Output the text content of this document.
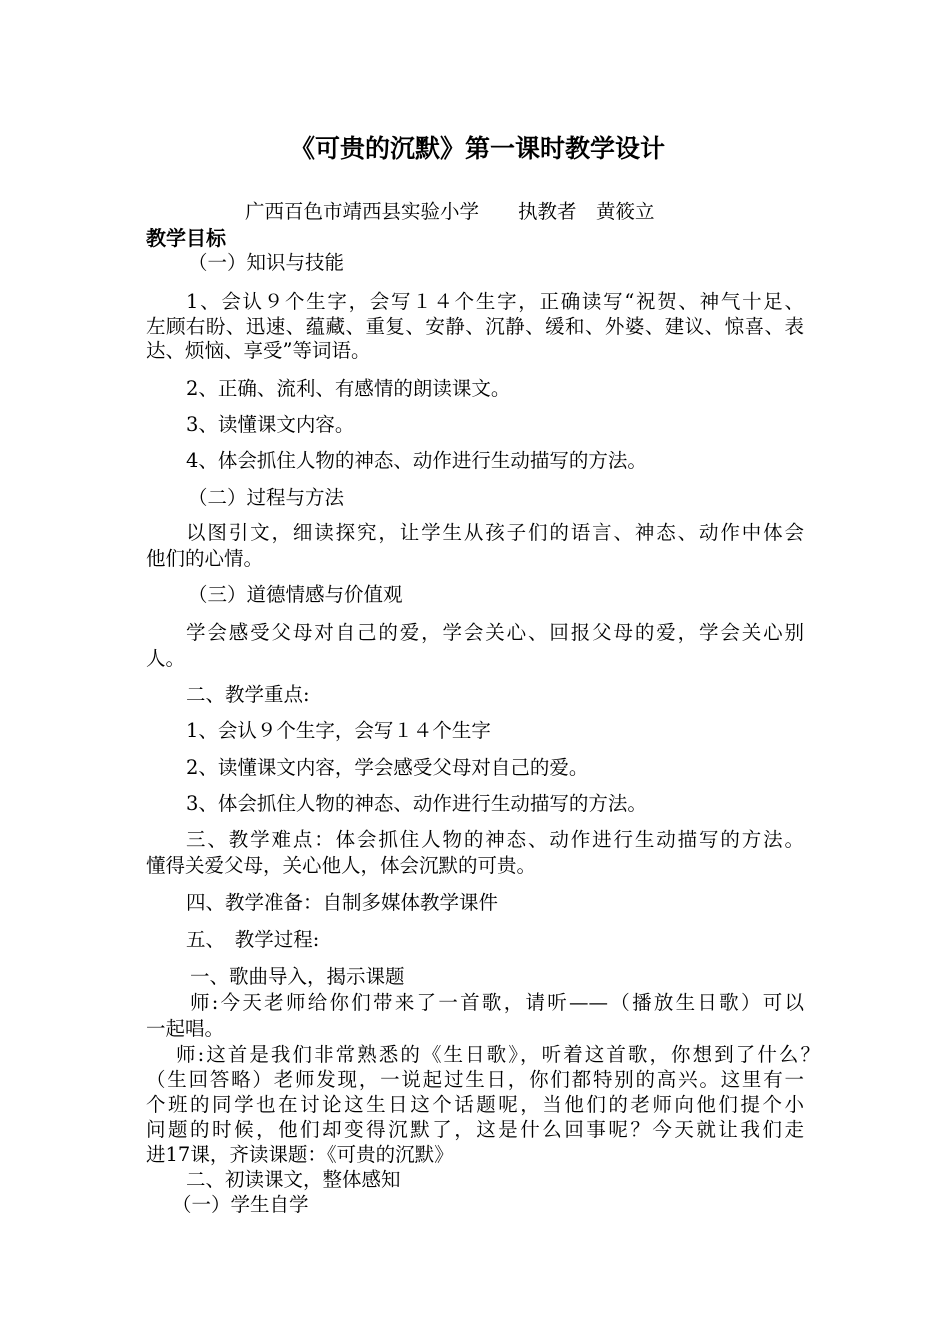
《可贵的沉默》第一课时教学设计
广西百色市靖西县实验小学　　执教者　黄筱立
教学目标
（一）知识与技能
1、会认９个生字，会写１４个生字，正确读写“祝贺、神气十足、
左顾右盼、迅速、蕴藏、重复、安静、沉静、缓和、外婆、建议、惊喜、表
达、烦恼、享受”等词语。
2、正确、流利、有感情的朗读课文。
3、读懂课文内容。
4、体会抓住人物的神态、动作进行生动描写的方法。
（二）过程与方法
以图引文，细读探究，让学生从孩子们的语言、神态、动作中体会
他们的心情。
（三）道德情感与价值观
学会感受父母对自己的爱，学会关心、回报父母的爱，学会关心别
人。
二、教学重点:
1、会认９个生字，会写１４个生字
2、读懂课文内容，学会感受父母对自己的爱。
3、体会抓住人物的神态、动作进行生动描写的方法。
三、教学难点：体会抓住人物的神态、动作进行生动描写的方法。
懂得关爱父母，关心他人，体会沉默的可贵。
四、教学准备：自制多媒体教学课件
五、　教学过程:
一、歌曲导入，揭示课题
师:今天老师给你们带来了一首歌，请听——（播放生日歌）可以
一起唱。
师:这首是我们非常熟悉的《生日歌》，听着这首歌，你想到了什么？
（生回答略）老师发现，一说起过生日，你们都特别的高兴。这里有一
个班的同学也在讨论这生日这个话题呢，当他们的老师向他们提个小
问题的时候，他们却变得沉默了，这是什么回事呢？今天就让我们走
进17课，齐读课题：《可贵的沉默》
二、初读课文，整体感知
（一）学生自学
